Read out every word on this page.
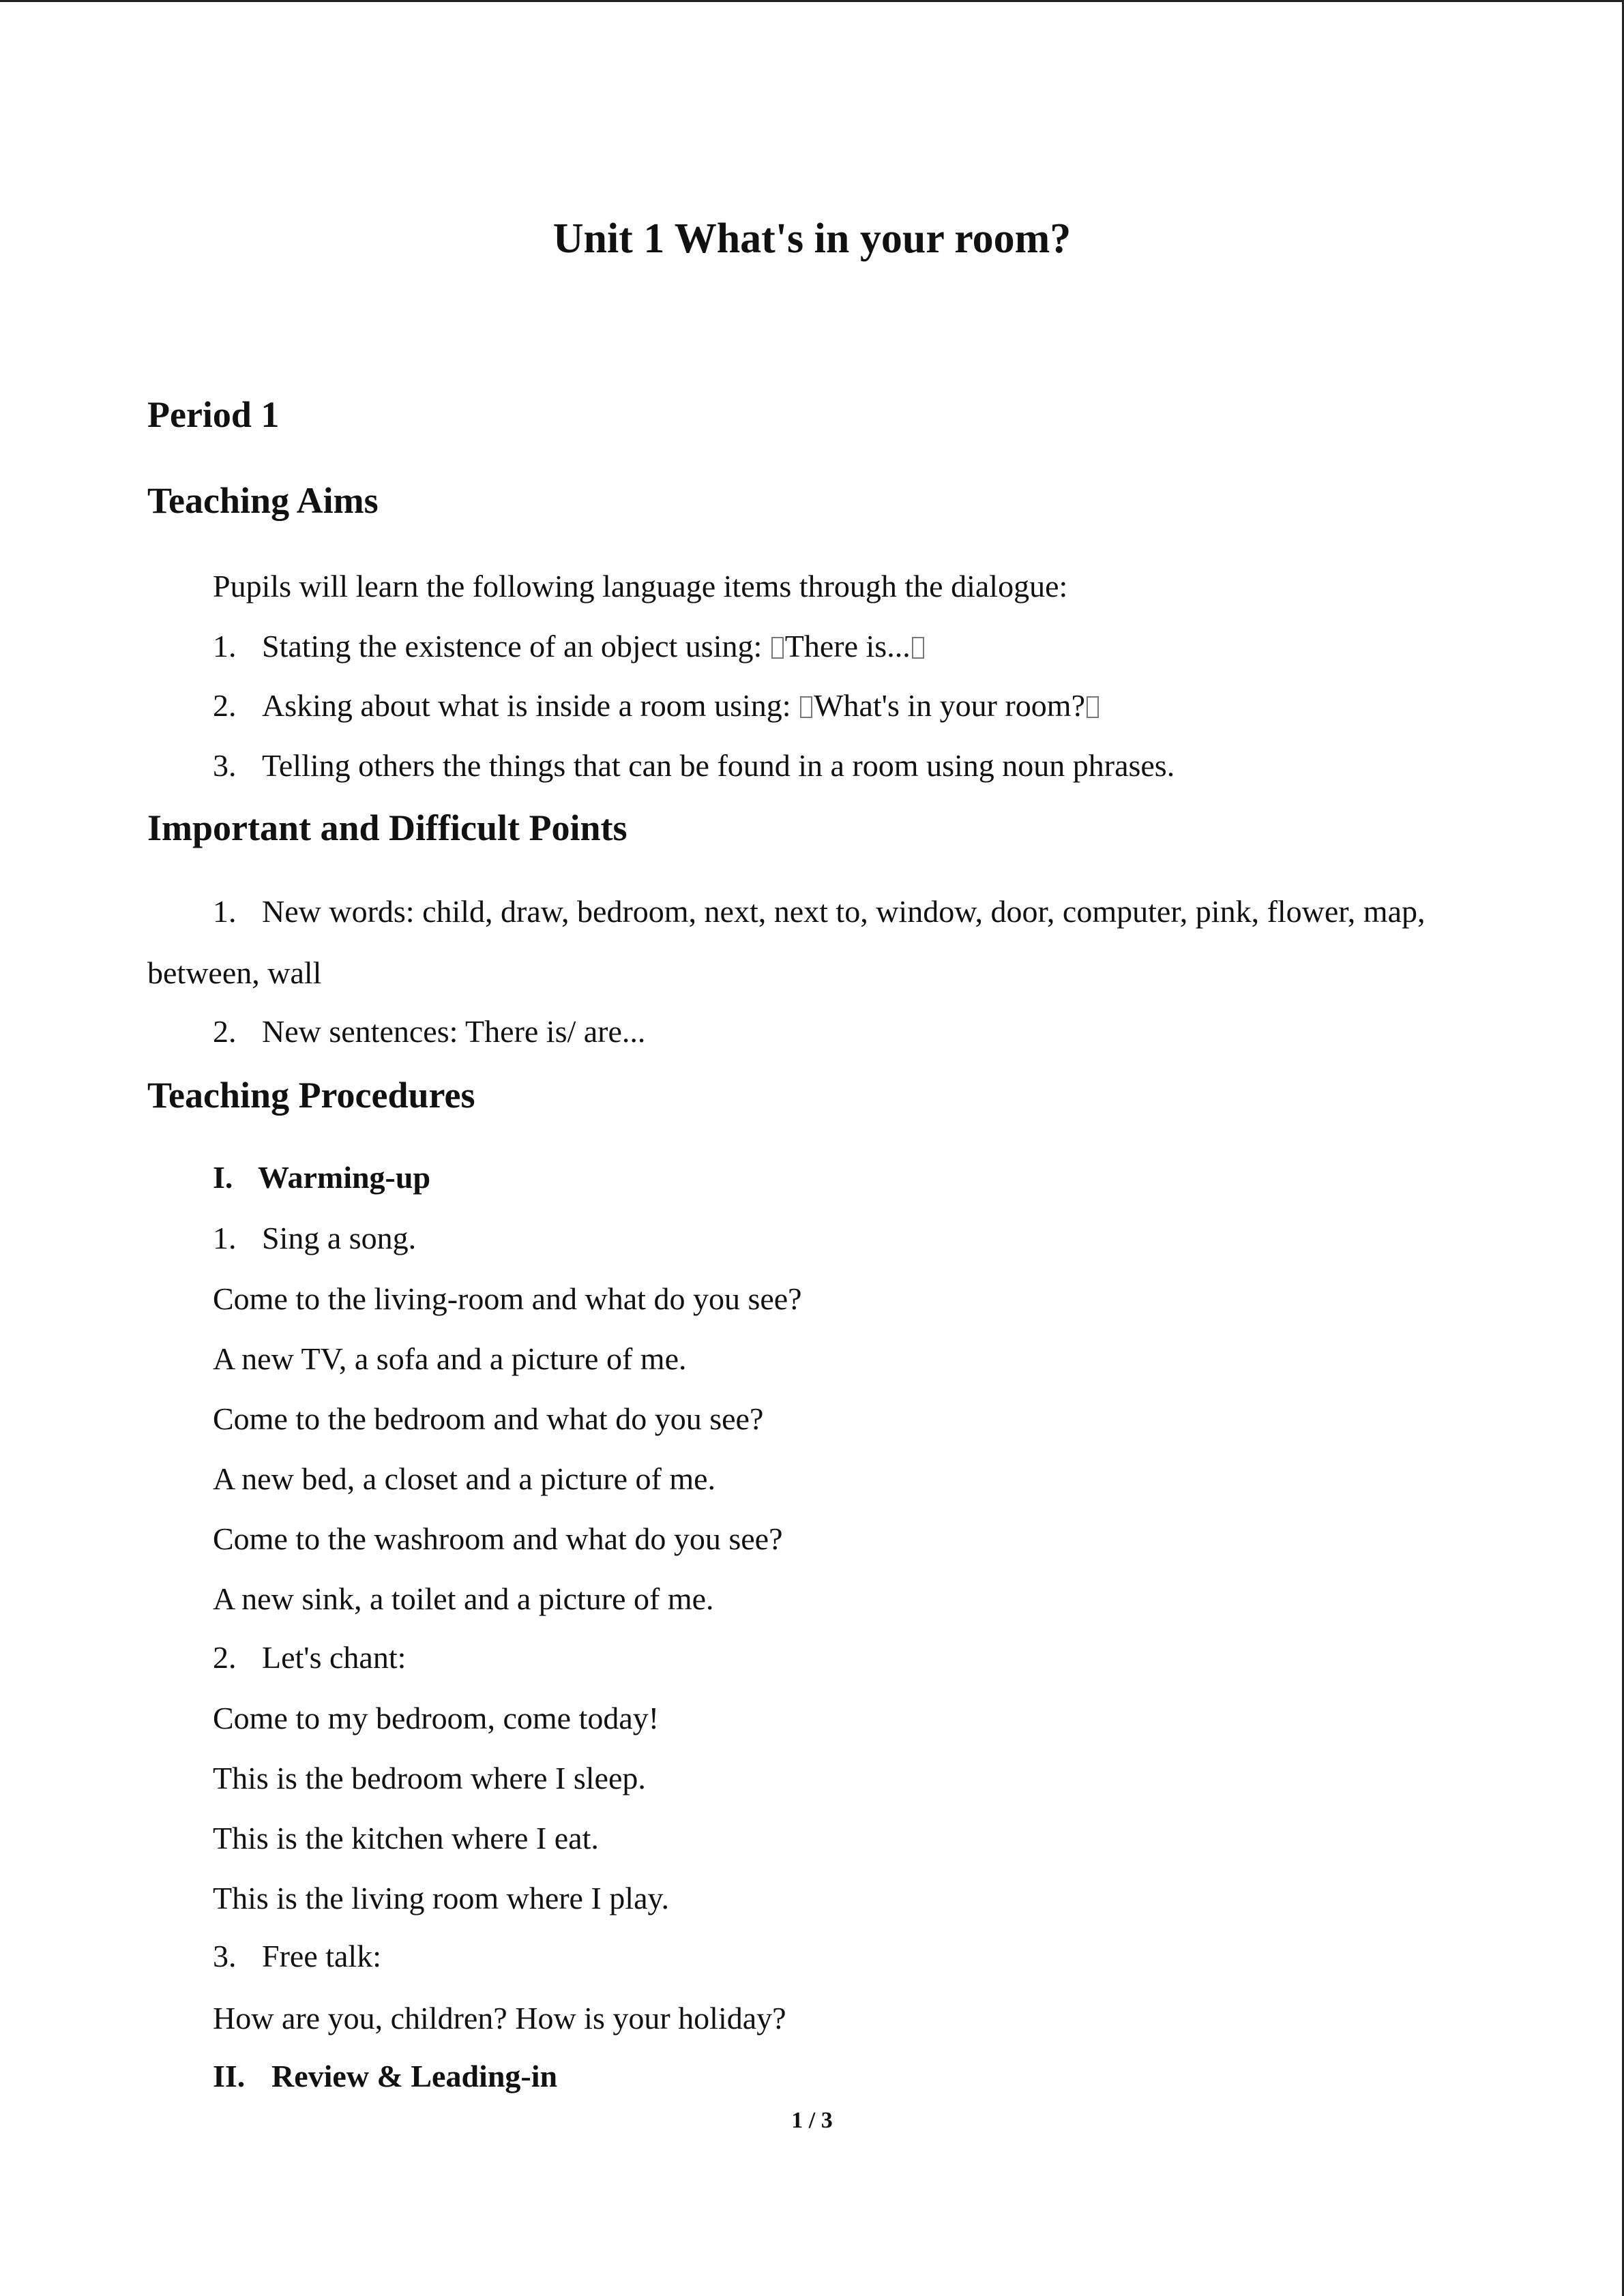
Unit 1 What's in your room?
Period 1
Teaching Aims
Pupils will learn the following language items through the dialogue:
1. Stating the existence of an object using: There is...
2. Asking about what is inside a room using: What's in your room?
3. Telling others the things that can be found in a room using noun phrases.
Important and Difficult Points
1. New words: child, draw, bedroom, next, next to, window, door, computer, pink, flower, map,
between, wall
2. New sentences: There is/ are...
Teaching Procedures
I. Warming-up
1. Sing a song.
Come to the living-room and what do you see?
A new TV, a sofa and a picture of me.
Come to the bedroom and what do you see?
A new bed, a closet and a picture of me.
Come to the washroom and what do you see?
A new sink, a toilet and a picture of me.
2. Let's chant:
Come to my bedroom, come today!
This is the bedroom where I sleep.
This is the kitchen where I eat.
This is the living room where I play.
3. Free talk:
How are you, children? How is your holiday?
II. Review & Leading-in
1 / 3
